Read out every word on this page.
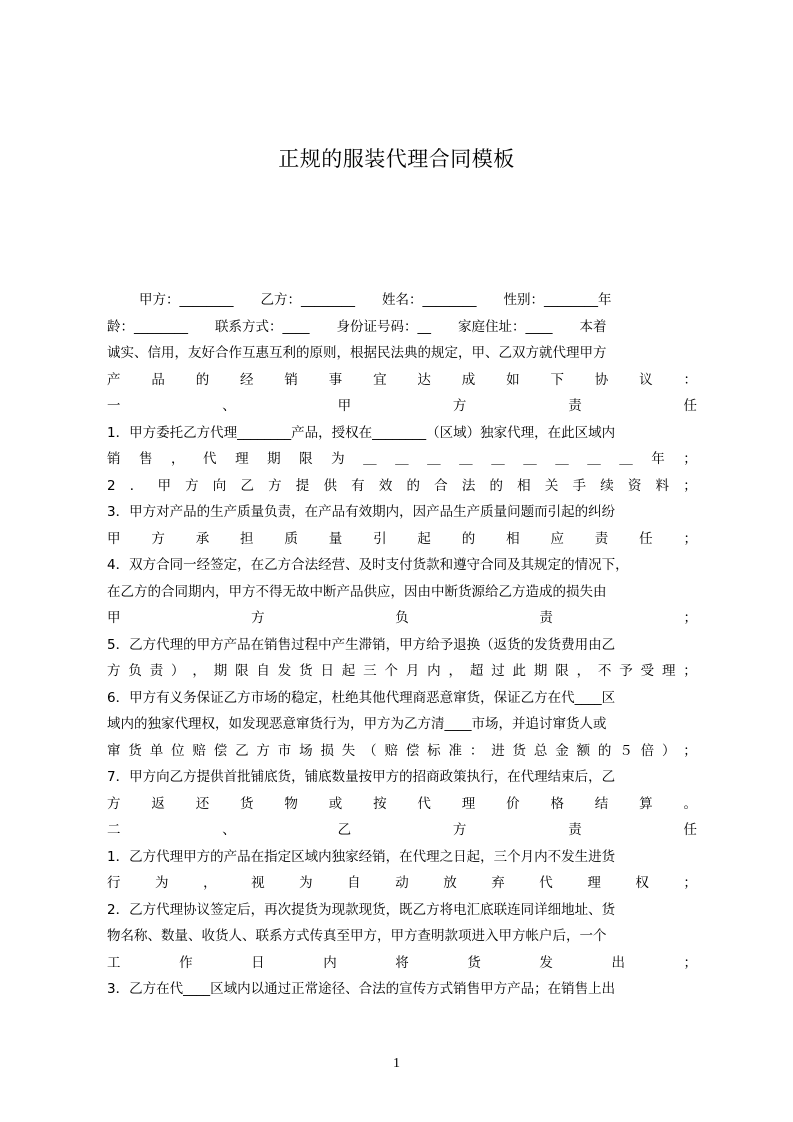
正规的服装代理合同模板
甲方：________　　乙方：________　　姓名：________　　性别：________年
龄：________　　联系方式：____　　身份证号码：__　　家庭住址：____　　本着
诚实、信用，友好合作互惠互利的原则，根据民法典的规定，甲、乙双方就代理甲方
产 品 的 经 销 事 宜 达 成 如 下 协 议 ：
一	、	甲	方	责	任
1．甲方委托乙方代理________产品，授权在________（区域）独家代理，在此区域内
销 售 ， 代 理 期 限 为 ＿ ＿ ＿ ＿ ＿ ＿ ＿ ＿ ＿ 年 ；
2 ． 甲 方 向 乙 方 提 供 有 效 的 合 法 的 相 关 手 续 资 料 ；
3．甲方对产品的生产质量负责，在产品有效期内，因产品生产质量问题而引起的纠纷
甲 方 承 担 质 量 引 起 的 相 应 责 任 ；
4．双方合同一经签定，在乙方合法经营、及时支付货款和遵守合同及其规定的情况下，
在乙方的合同期内，甲方不得无故中断产品供应，因由中断货源给乙方造成的损失由
甲	方	负	责	；
5．乙方代理的甲方产品在销售过程中产生滞销，甲方给予退换（返货的发货费用由乙
方 负 责 ） ， 期 限 自 发 货 日 起 三 个 月 内 ， 超 过 此 期 限 ， 不 予 受 理 ；
6．甲方有义务保证乙方市场的稳定，杜绝其他代理商恶意窜货，保证乙方在代____区
域内的独家代理权，如发现恶意窜货行为，甲方为乙方清____市场，并追讨窜货人或
窜 货 单 位 赔 偿 乙 方 市 场 损 失 （ 赔 偿 标 准 ： 进 货 总 金 额 的 ５ 倍 ） ；
7．甲方向乙方提供首批铺底货，铺底数量按甲方的招商政策执行，在代理结束后，乙
方 返 还 货 物 或 按 代 理 价 格 结 算 。
二	、	乙	方	责	任
1．乙方代理甲方的产品在指定区域内独家经销，在代理之日起，三个月内不发生进货
行	为	，	视	为	自	动	放	弃	代	理	权	；
2．乙方代理协议签定后，再次提货为现款现货，既乙方将电汇底联连同详细地址、货
物名称、数量、收货人、联系方式传真至甲方，甲方查明款项进入甲方帐户后，一个
工	作	日	内	将	货	发	出	；
3．乙方在代____区域内以通过正常途径、合法的宣传方式销售甲方产品；在销售上出
1
